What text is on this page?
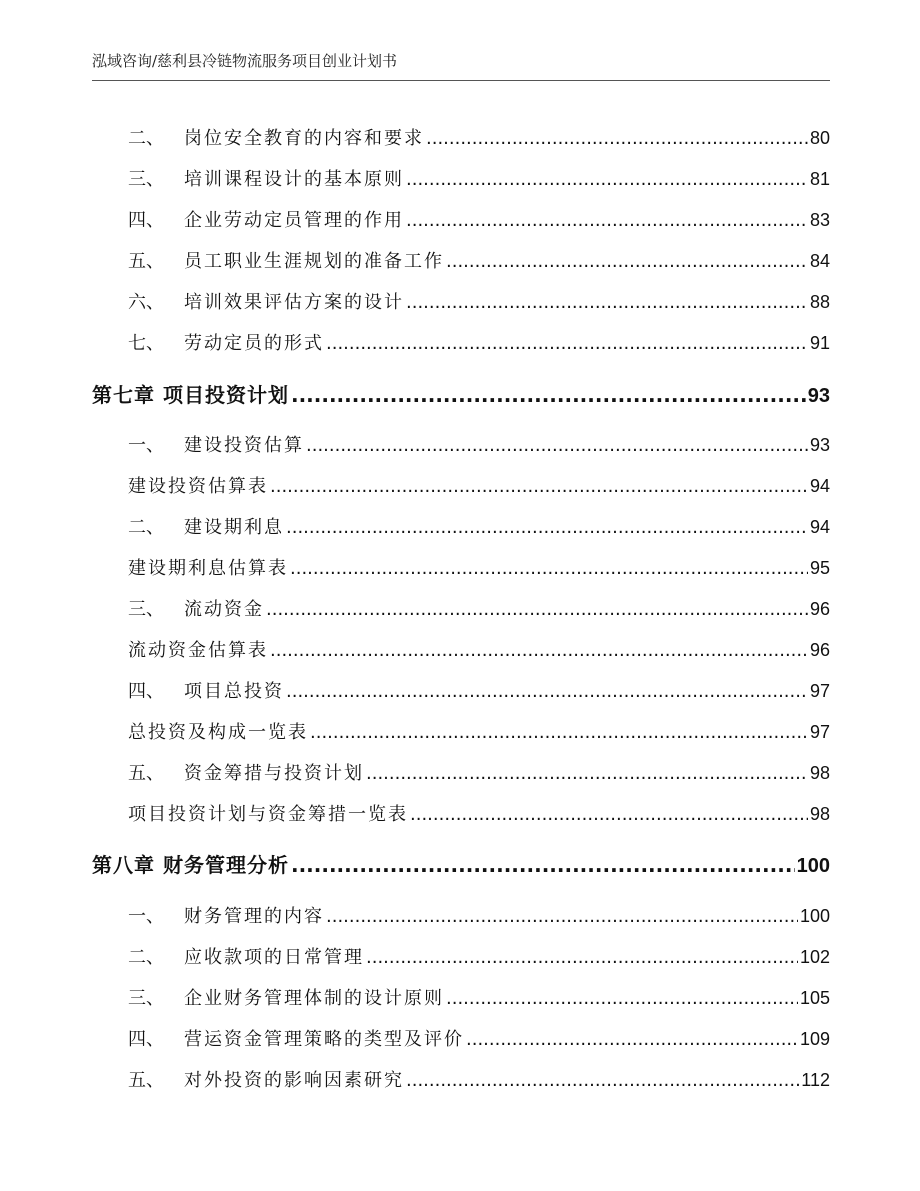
泓域咨询/慈利县冷链物流服务项目创业计划书
二、 岗位安全教育的内容和要求 .....	80
三、 培训课程设计的基本原则 .....	81
四、 企业劳动定员管理的作用 .....	83
五、 员工职业生涯规划的准备工作 .....	84
六、 培训效果评估方案的设计 .....	88
七、 劳动定员的形式 .....	91
第七章 项目投资计划 .....	93
一、 建设投资估算 .....	93
建设投资估算表 .....	94
二、 建设期利息 .....	94
建设期利息估算表 .....	95
三、 流动资金 .....	96
流动资金估算表 .....	96
四、 项目总投资 .....	97
总投资及构成一览表 .....	97
五、 资金筹措与投资计划 .....	98
项目投资计划与资金筹措一览表 .....	98
第八章 财务管理分析 .....	100
一、 财务管理的内容 .....	100
二、 应收款项的日常管理 .....	102
三、 企业财务管理体制的设计原则 .....	105
四、 营运资金管理策略的类型及评价 .....	109
五、 对外投资的影响因素研究 .....	112
